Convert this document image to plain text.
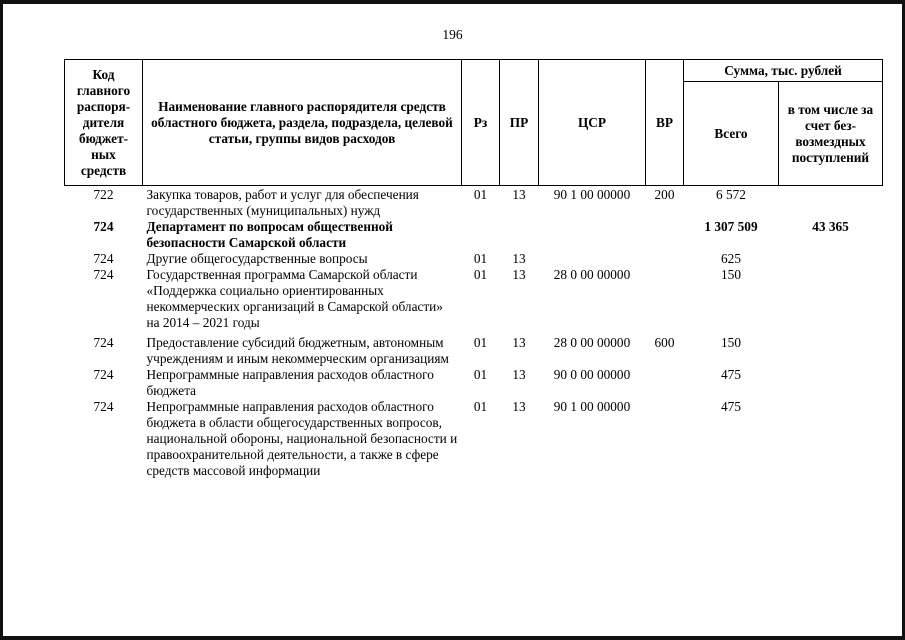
196
Код главного распоря-дителя бюджет-ных средств	Наименование главного распорядителя средств областного бюджета, раздела, подраздела, целевой статьи, группы видов расходов	Рз	ПР	ЦСР	ВР	Сумма, тыс. рублей	
						Всего	в том числе за счет без-возмездных поступлений
722	Закупка товаров, работ и услуг для обеспечения государственных (муниципальных) нужд	01	13	90 1 00 00000	200	6 572	
724	Департамент по вопросам общественной безопасности Самарской области					1 307 509	43 365
724	Другие общегосударственные вопросы	01	13			625	
724	Государственная программа Самарской области «Поддержка социально ориентированных некоммерческих организаций в Самарской области» на 2014 – 2021 годы	01	13	28 0 00 00000		150	
724	Предоставление субсидий бюджетным, автономным учреждениям и иным некоммерческим организациям	01	13	28 0 00 00000	600	150	
724	Непрограммные направления расходов областного бюджета	01	13	90 0 00 00000		475	
724	Непрограммные направления расходов областного бюджета в области общегосударственных вопросов, национальной обороны, национальной безопасности и правоохранительной деятельности, а также в сфере средств массовой информации	01	13	90 1 00 00000		475	
